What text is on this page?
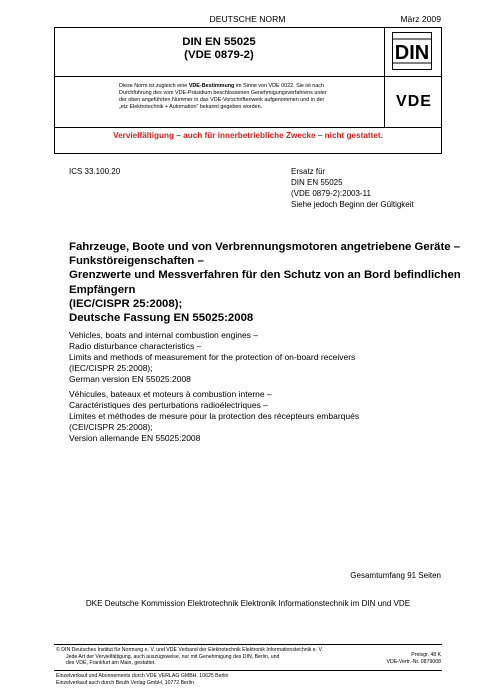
DEUTSCHE NORM	März 2009
DIN EN 55025
(VDE 0879-2)	DIN
Diese Norm ist zugleich eine VDE-Bestimmung im Sinne von VDE 0022. Sie ist nach
Durchführung des vom VDE-Präsidium beschlossenen Genehmigungsverfahrens unter
der oben angeführten Nummer in das VDE-Vorschriftenwerk aufgenommen und in der
„etz Elektrotechnik + Automation“ bekannt gegeben worden.	VDE
Vervielfältigung – auch für innerbetriebliche Zwecke – nicht gestattet.
ICS 33.100.20	Ersatz für
DIN EN 55025
(VDE 0879-2):2003-11
Siehe jedoch Beginn der Gültigkeit
Fahrzeuge, Boote und von Verbrennungsmotoren angetriebene Geräte –
Funkstöreigenschaften –
Grenzwerte und Messverfahren für den Schutz von an Bord befindlichen
Empfängern
(IEC/CISPR 25:2008);
Deutsche Fassung EN 55025:2008
Vehicles, boats and internal combustion engines –
Radio disturbance characteristics –
Limits and methods of measurement for the protection of on-board receivers
(IEC/CISPR 25:2008);
German version EN 55025:2008
Véhicules, bateaux et moteurs à combustion interne –
Caractéristiques des perturbations radioélectriques –
Limites et méthodes de mesure pour la protection des récepteurs embarqués
(CEI/CISPR 25:2008);
Version allemande EN 55025:2008
Gesamtumfang 91 Seiten
DKE Deutsche Kommission Elektrotechnik Elektronik Informationstechnik im DIN und VDE
© DIN Deutsches Institut für Normung e. V. und VDE Verband der Elektrotechnik Elektronik Informationstechnik e. V.
Jede Art der Vervielfältigung, auch auszugsweise, nur mit Genehmigung des DIN, Berlin, und
des VDE, Frankfurt am Main, gestattet.
Preisgr. 48 K
VDE-Vertr.-Nr. 0879008
Einzelverkauf und Abonnements durch VDE VERLAG GMBH, 10625 Berlin
Einzelverkauf auch durch Beuth Verlag GmbH, 10772 Berlin
